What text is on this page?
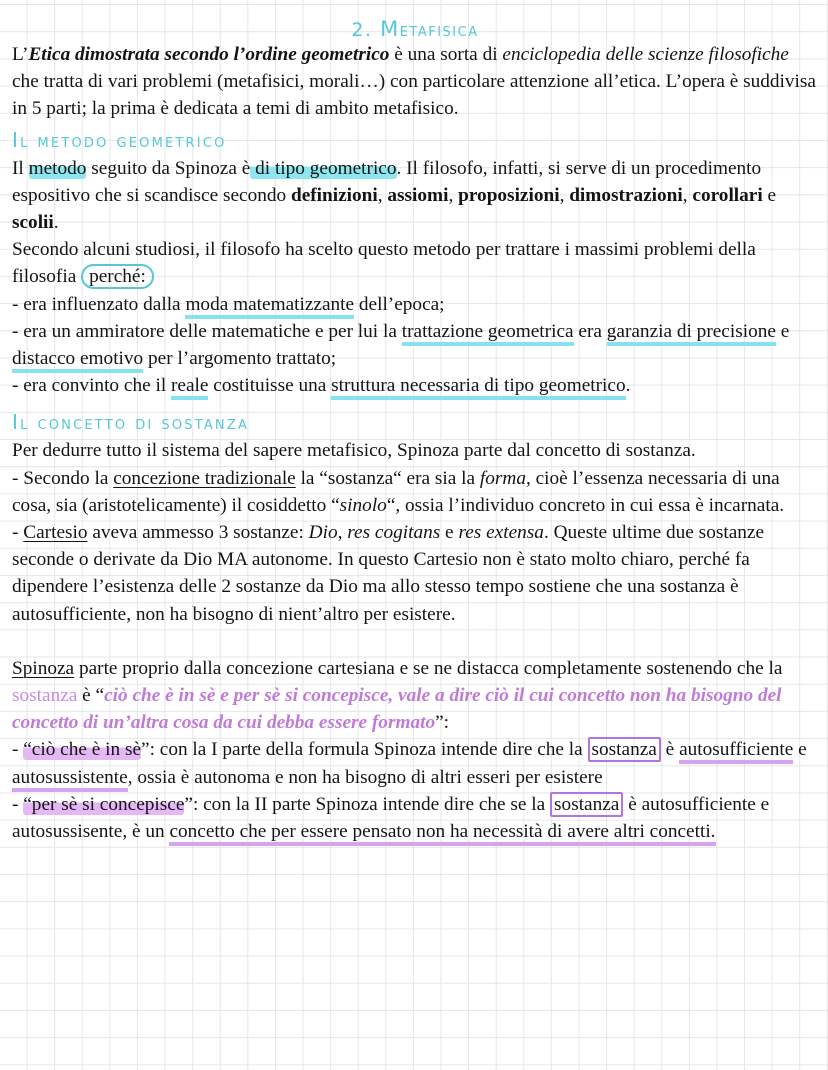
2. Metafisica

L’Etica dimostrata secondo l’ordine geometrico è una sorta di enciclopedia delle scienze filosofiche che tratta di vari problemi (metafisici, morali…) con particolare attenzione all’etica. L’opera è suddivisa in 5 parti; la prima è dedicata a temi di ambito metafisico.

Il metodo geometrico

Il metodo seguito da Spinoza è di tipo geometrico. Il filosofo, infatti, si serve di un procedimento espositivo che si scandisce secondo definizioni, assiomi, proposizioni, dimostrazioni, corollari e scolii.

Secondo alcuni studiosi, il filosofo ha scelto questo metodo per trattare i massimi problemi della filosofia perché:

- era influenzato dalla moda matematizzante dell’epoca;

- era un ammiratore delle matematiche e per lui la trattazione geometrica era garanzia di precisione e distacco emotivo per l’argomento trattato;

- era convinto che il reale costituisse una struttura necessaria di tipo geometrico.

Il concetto di sostanza

Per dedurre tutto il sistema del sapere metafisico, Spinoza parte dal concetto di sostanza.

- Secondo la concezione tradizionale la “sostanza“ era sia la forma, cioè l’essenza necessaria di una cosa, sia (aristotelicamente) il cosiddetto “sinolo“, ossia l’individuo concreto in cui essa è incarnata.

- Cartesio aveva ammesso 3 sostanze: Dio, res cogitans e res extensa. Queste ultime due sostanze seconde o derivate da Dio MA autonome. In questo Cartesio non è stato molto chiaro, perché fa dipendere l’esistenza delle 2 sostanze da Dio ma allo stesso tempo sostiene che una sostanza è autosufficiente, non ha bisogno di nient’altro per esistere.

Spinoza parte proprio dalla concezione cartesiana e se ne distacca completamente sostenendo che la sostanza è “ciò che è in sè e per sè si concepisce, vale a dire ciò il cui concetto non ha bisogno del concetto di un’altra cosa da cui debba essere formato”:

- “ciò che è in sè”: con la I parte della formula Spinoza intende dire che la sostanza è autosufficiente e autosussistente, ossia è autonoma e non ha bisogno di altri esseri per esistere

- “per sè si concepisce”: con la II parte Spinoza intende dire che se la sostanza è autosufficiente e autosussisente, è un concetto che per essere pensato non ha necessità di avere altri concetti.
